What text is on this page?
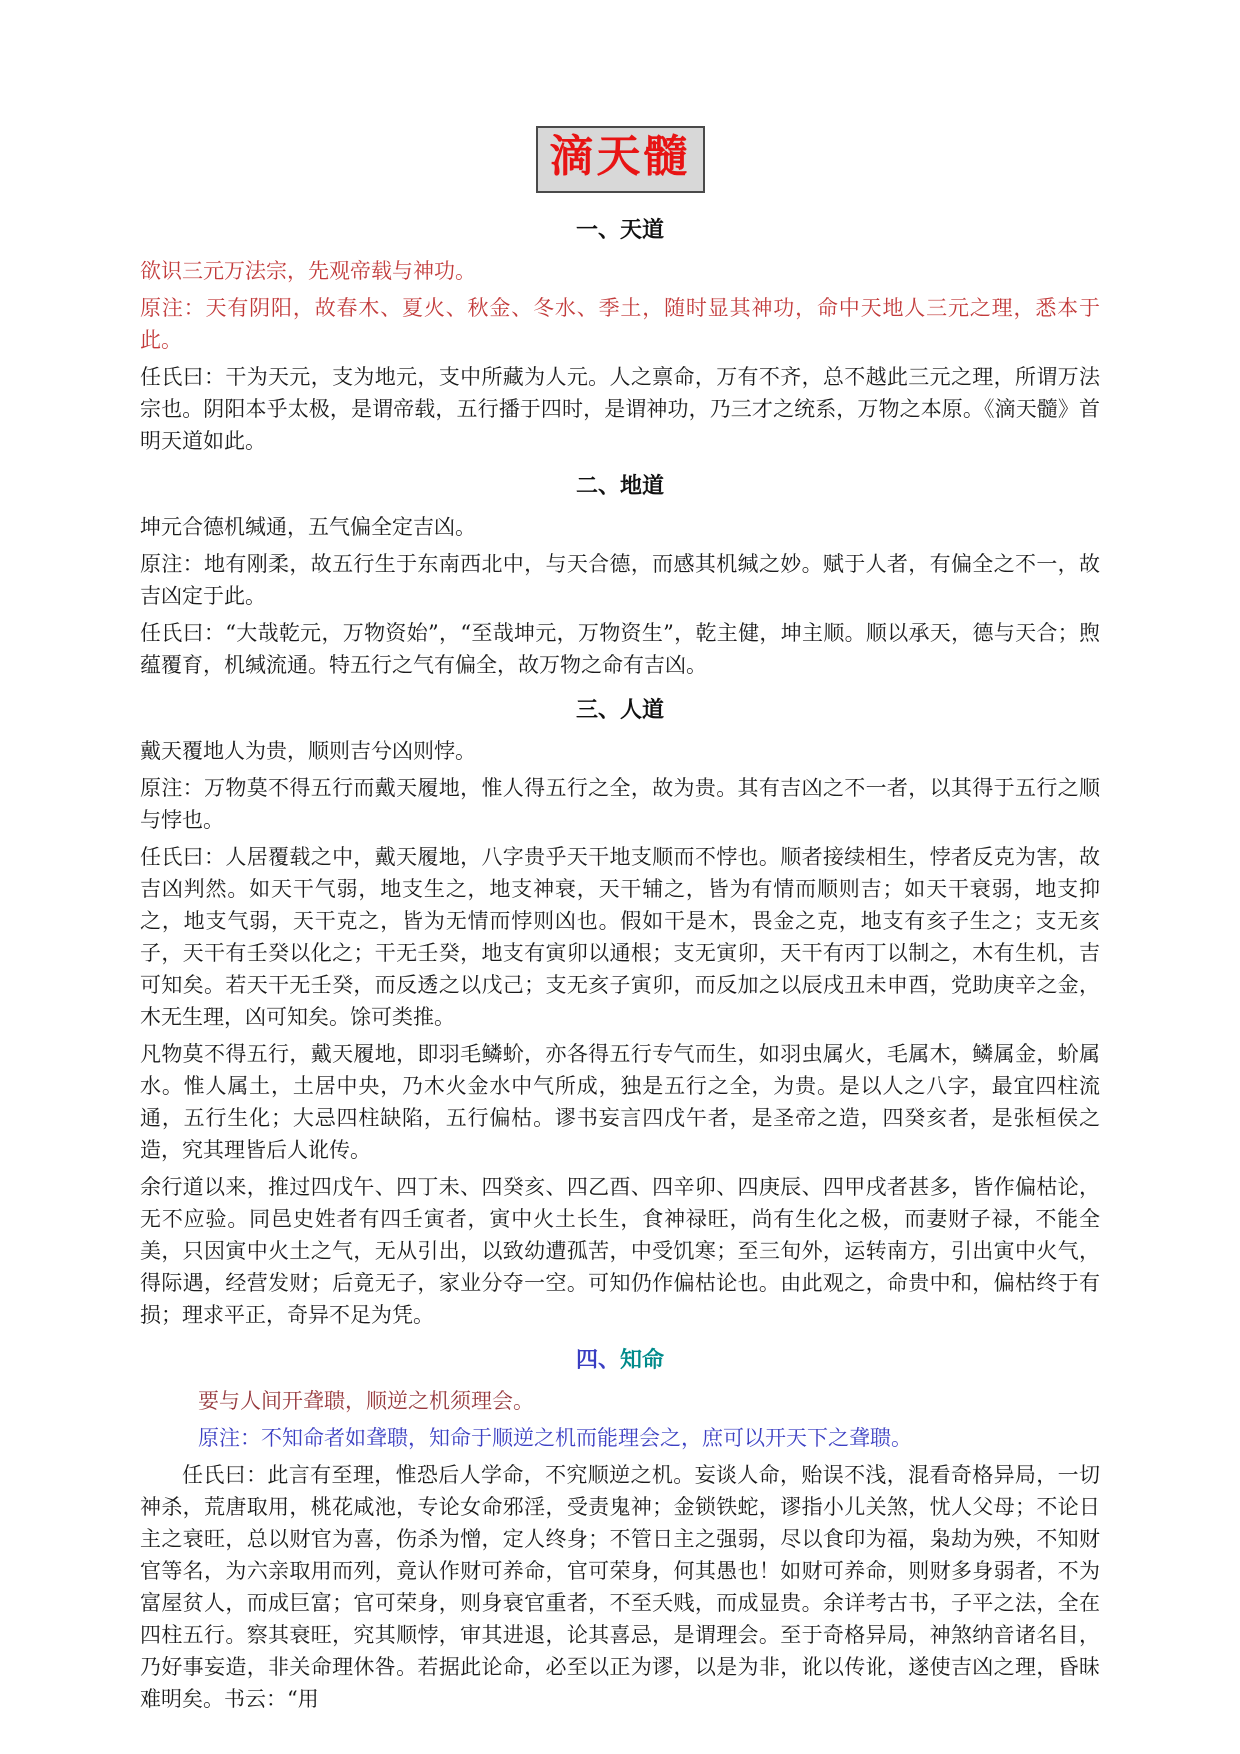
滴天髓
一、天道

欲识三元万法宗，先观帝载与神功。

原注：天有阴阳，故春木、夏火、秋金、冬水、季土，随时显其神功，命中天地人三元之理，悉本于此。

任氏曰：干为天元，支为地元，支中所藏为人元。人之禀命，万有不齐，总不越此三元之理，所谓万法宗也。阴阳本乎太极，是谓帝载，五行播于四时，是谓神功，乃三才之统系，万物之本原。《滴天髓》首明天道如此。

二、地道

坤元合德机缄通，五气偏全定吉凶。

原注：地有刚柔，故五行生于东南西北中，与天合德，而感其机缄之妙。赋于人者，有偏全之不一，故吉凶定于此。

任氏曰：“大哉乾元，万物资始”，“至哉坤元，万物资生”，乾主健，坤主顺。顺以承天，德与天合；煦蕴覆育，机缄流通。特五行之气有偏全，故万物之命有吉凶。

三、人道

戴天覆地人为贵，顺则吉兮凶则悖。

原注：万物莫不得五行而戴天履地，惟人得五行之全，故为贵。其有吉凶之不一者，以其得于五行之顺与悖也。

任氏曰：人居覆载之中，戴天履地，八字贵乎天干地支顺而不悖也。顺者接续相生，悖者反克为害，故吉凶判然。如天干气弱，地支生之，地支神衰，天干辅之，皆为有情而顺则吉；如天干衰弱，地支抑之，地支气弱，天干克之，皆为无情而悖则凶也。假如干是木，畏金之克，地支有亥子生之；支无亥子，天干有壬癸以化之；干无壬癸，地支有寅卯以通根；支无寅卯，天干有丙丁以制之，木有生机，吉可知矣。若天干无壬癸，而反透之以戊己；支无亥子寅卯，而反加之以辰戌丑未申酉，党助庚辛之金，木无生理，凶可知矣。馀可类推。

凡物莫不得五行，戴天履地，即羽毛鳞蚧，亦各得五行专气而生，如羽虫属火，毛属木，鳞属金，蚧属水。惟人属土，土居中央，乃木火金水中气所成，独是五行之全，为贵。是以人之八字，最宜四柱流通，五行生化；大忌四柱缺陷，五行偏枯。谬书妄言四戊午者，是圣帝之造，四癸亥者，是张桓侯之造，究其理皆后人讹传。

余行道以来，推过四戊午、四丁未、四癸亥、四乙酉、四辛卯、四庚辰、四甲戌者甚多，皆作偏枯论，无不应验。同邑史姓者有四壬寅者，寅中火土长生，食神禄旺，尚有生化之极，而妻财子禄，不能全美，只因寅中火土之气，无从引出，以致幼遭孤苦，中受饥寒；至三旬外，运转南方，引出寅中火气，得际遇，经营发财；后竟无子，家业分夺一空。可知仍作偏枯论也。由此观之，命贵中和，偏枯终于有损；理求平正，奇异不足为凭。

四、知命

要与人间开聋聩，顺逆之机须理会。

原注：不知命者如聋聩，知命于顺逆之机而能理会之，庶可以开天下之聋聩。

任氏曰：此言有至理，惟恐后人学命，不究顺逆之机。妄谈人命，贻误不浅，混看奇格异局，一切神杀，荒唐取用，桃花咸池，专论女命邪淫，受责鬼神；金锁铁蛇，谬指小儿关煞，忧人父母；不论日主之衰旺，总以财官为喜，伤杀为憎，定人终身；不管日主之强弱，尽以食印为福，枭劫为殃，不知财官等名，为六亲取用而列，竟认作财可养命，官可荣身，何其愚也！如财可养命，则财多身弱者，不为富屋贫人，而成巨富；官可荣身，则身衰官重者，不至夭贱，而成显贵。余详考古书，子平之法，全在四柱五行。察其衰旺，究其顺悖，审其进退，论其喜忌，是谓理会。至于奇格异局，神煞纳音诸名目，乃好事妄造，非关命理休咎。若据此论命，必至以正为谬，以是为非，讹以传讹，遂使吉凶之理，昏昧难明矣。书云：“用
